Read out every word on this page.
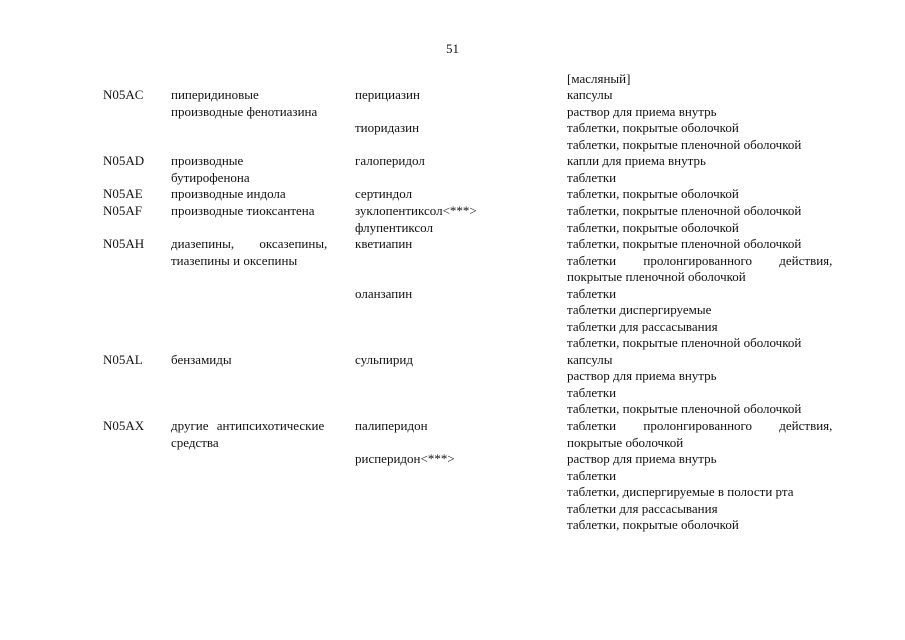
51
[масляный]
N05AC пиперидиновые
производные фенотиазина
перициазин	капсулы
раствор для приема внутрь
тиоридазин	таблетки, покрытые оболочкой
таблетки, покрытые пленочной оболочкой
N05AD производные
бутирофенона
галоперидол	капли для приема внутрь
таблетки
N05AE производные индола	сертиндол	таблетки, покрытые оболочкой
N05AF производные тиоксантена	зуклопентиксол<***>	таблетки, покрытые пленочной оболочкой
флупентиксол	таблетки, покрытые оболочкой
N05AH диазепины, оксазепины,
тиазепины и оксепины
кветиапин	таблетки, покрытые пленочной оболочкой
таблетки пролонгированного действия,
покрытые пленочной оболочкой
оланзапин	таблетки
таблетки диспергируемые
таблетки для рассасывания
таблетки, покрытые пленочной оболочкой
N05AL бензамиды	сульпирид	капсулы
раствор для приема внутрь
таблетки
таблетки, покрытые пленочной оболочкой
N05AX другие антипсихотические
средства
палиперидон	таблетки пролонгированного действия,
покрытые оболочкой
рисперидон<***>	раствор для приема внутрь
таблетки
таблетки, диспергируемые в полости рта
таблетки для рассасывания
таблетки, покрытые оболочкой
